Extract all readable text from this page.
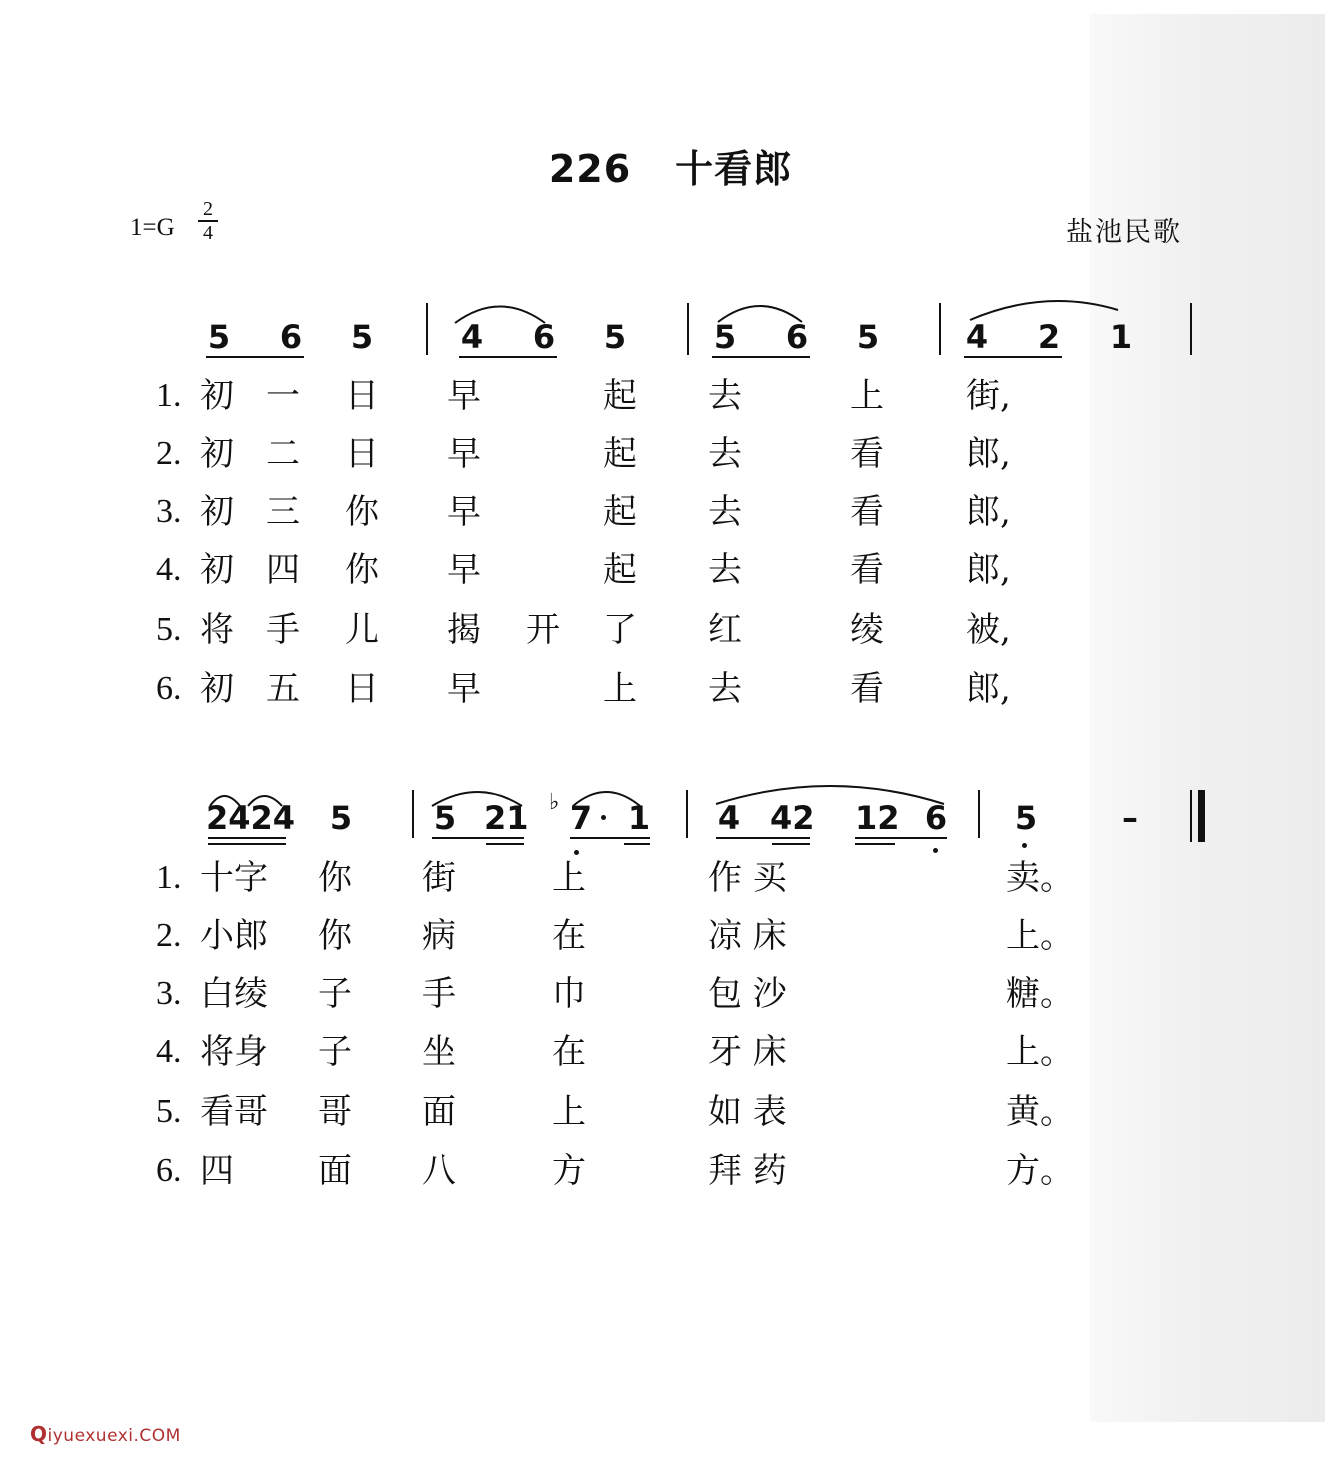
226 十看郎
1=G
2
4	盐池民歌
5 6 5	4 6 5	5 6 5	4 2 1
1. 初 一 日 早	起 去	上 街,
2. 初 二 日 早	起 去	看 郎,
3. 初 三 你 早	起 去	看 郎,
4. 初 四 你 早	起 去	看 郎,
5. 将 手 儿 揭 开 了 红	绫 被,
6. 初 五 日 早	上 去	看 郎,
2424 5	5 21 ♭ 7 1 4 42 12 6 5	–
1. 十字 你 街	上	作 买	卖。
2. 小郎 你 病	在	凉 床	上。
3. 白绫 子 手	巾	包 沙	糖。
4. 将身 子 坐	在	牙 床	上。
5. 看哥 哥 面	上	如 表	黄。
6. 四 面 八	方	拜 药	方。
Qiyuexuexi.COM
